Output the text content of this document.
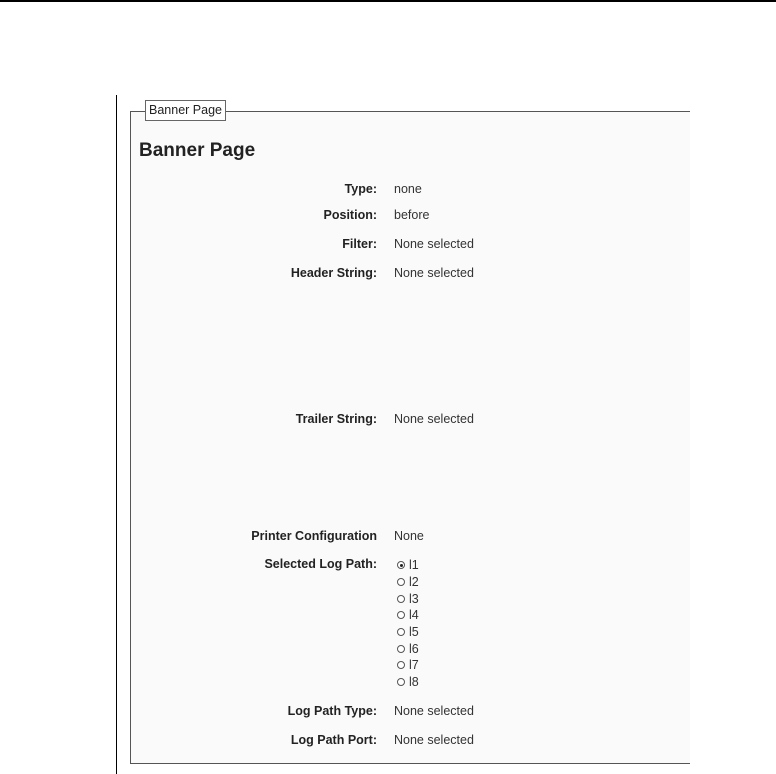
Banner Page
Banner Page
Type: none
Position: before
Filter: None selected
Header String: None selected
Trailer String: None selected
Printer Configuration None
Selected Log Path:	l1
l2
l3
l4
l5
l6
l7
l8
Log Path Type: None selected
Log Path Port: None selected
